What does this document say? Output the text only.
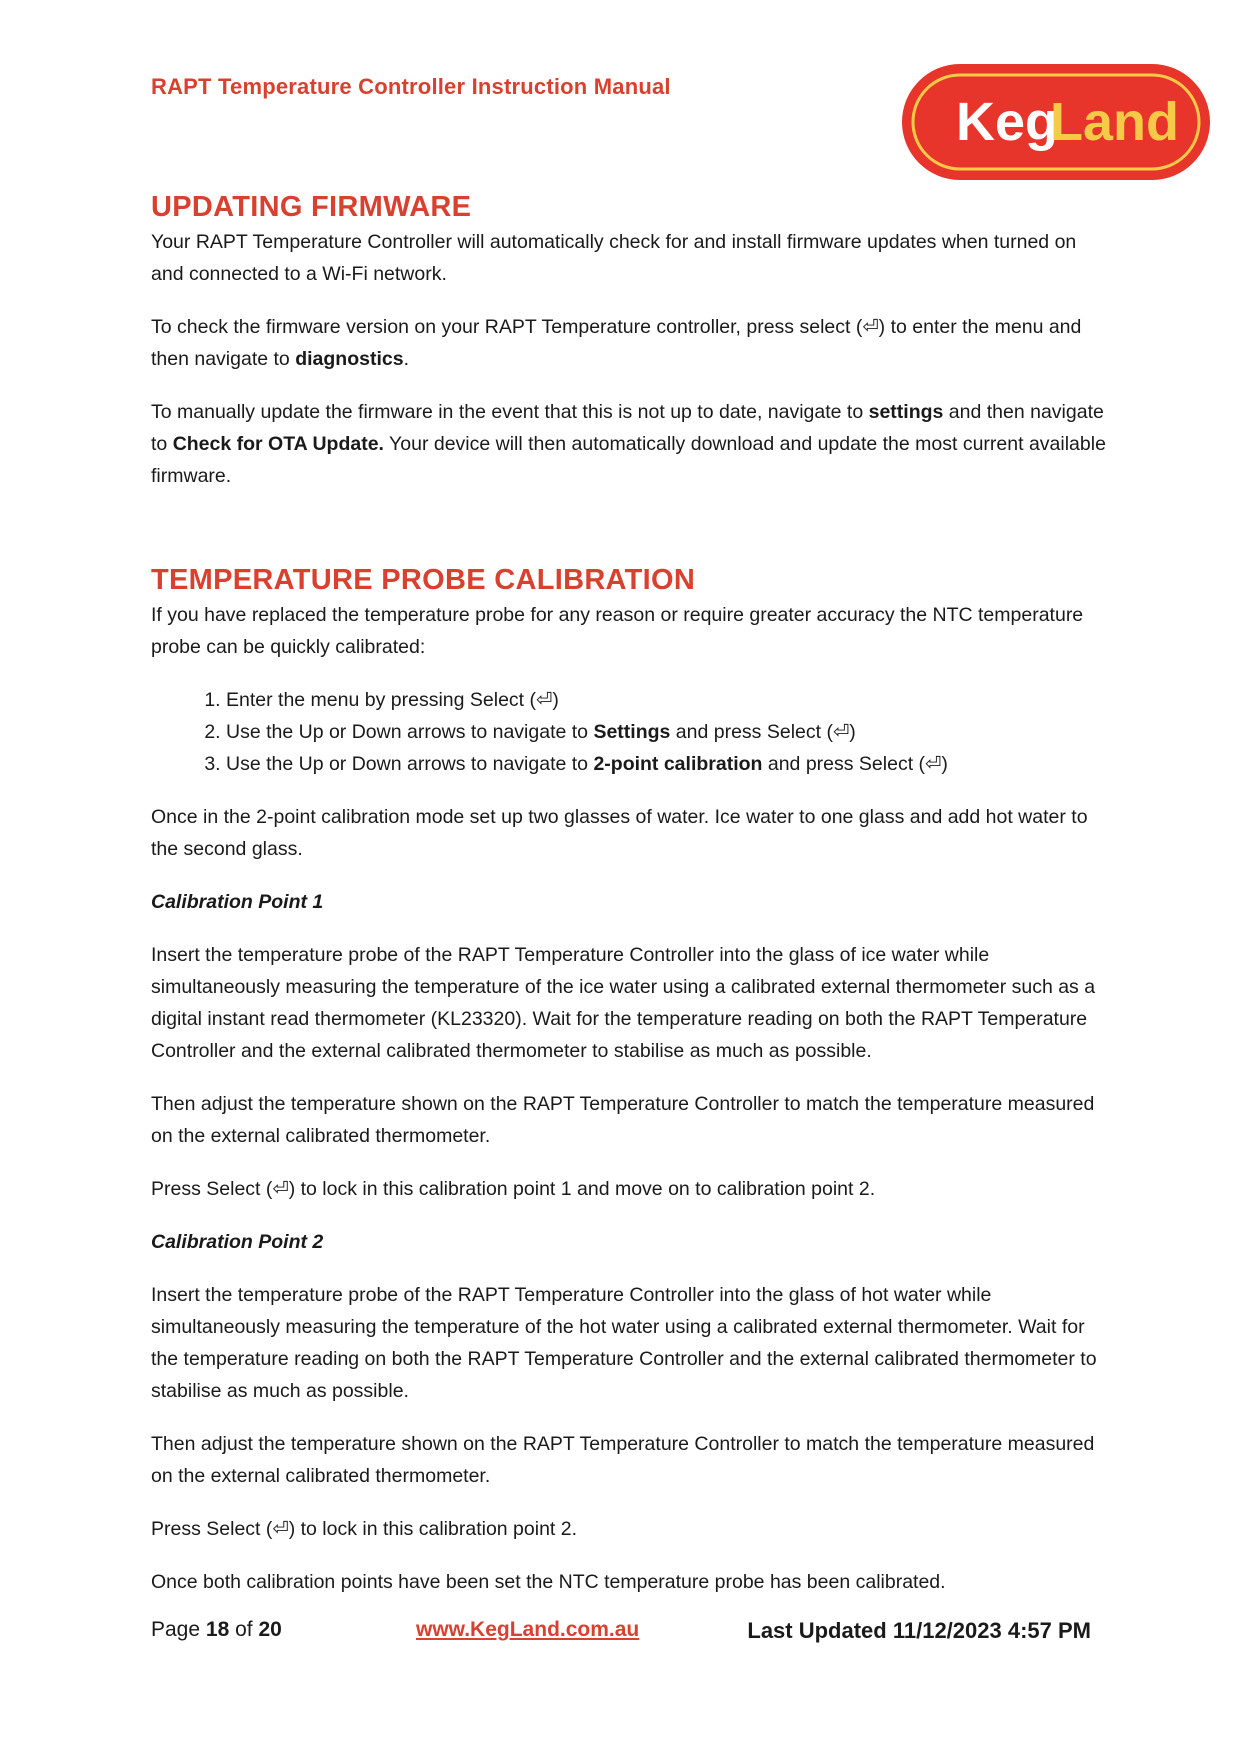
RAPT Temperature Controller Instruction Manual
Keg
Land
UPDATING FIRMWARE

Your RAPT Temperature Controller will automatically check for and install firmware updates when turned on and connected to a Wi-Fi network.

To check the firmware version on your RAPT Temperature controller, press select (⏎) to enter the menu and then navigate to diagnostics.

To manually update the firmware in the event that this is not up to date, navigate to settings and then navigate to Check for OTA Update. Your device will then automatically download and update the most current available firmware.

TEMPERATURE PROBE CALIBRATION

If you have replaced the temperature probe for any reason or require greater accuracy the NTC temperature probe can be quickly calibrated:

1. Enter the menu by pressing Select (⏎)
2. Use the Up or Down arrows to navigate to Settings and press Select (⏎)
3. Use the Up or Down arrows to navigate to 2-point calibration and press Select (⏎)

Once in the 2-point calibration mode set up two glasses of water. Ice water to one glass and add hot water to the second glass.

Calibration Point 1

Insert the temperature probe of the RAPT Temperature Controller into the glass of ice water while simultaneously measuring the temperature of the ice water using a calibrated external thermometer such as a digital instant read thermometer (KL23320). Wait for the temperature reading on both the RAPT Temperature Controller and the external calibrated thermometer to stabilise as much as possible.

Then adjust the temperature shown on the RAPT Temperature Controller to match the temperature measured on the external calibrated thermometer.

Press Select (⏎) to lock in this calibration point 1 and move on to calibration point 2.

Calibration Point 2

Insert the temperature probe of the RAPT Temperature Controller into the glass of hot water while simultaneously measuring the temperature of the hot water using a calibrated external thermometer. Wait for the temperature reading on both the RAPT Temperature Controller and the external calibrated thermometer to stabilise as much as possible.

Then adjust the temperature shown on the RAPT Temperature Controller to match the temperature measured on the external calibrated thermometer.

Press Select (⏎) to lock in this calibration point 2.

Once both calibration points have been set the NTC temperature probe has been calibrated.

Page 18 of 20	www.KegLand.com.au	Last Updated 11/12/2023 4:57 PM
